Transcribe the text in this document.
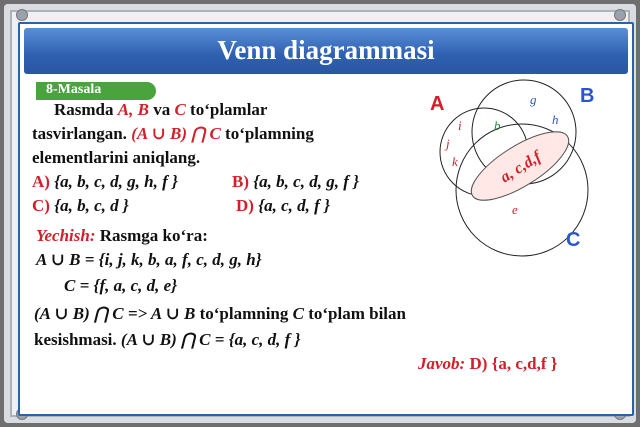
Venn diagrammasi
8-Masala
Rasmda A, B va C to‘plamlar
tasvirlangan. (A ∪ B) ⋂ C to‘plamning
elementlarini aniqlang.
A) {a, b, c, d, g, h, f }	B) {a, b, c, d, g, f }
C) {a, b, c, d }	D) {a, c, d, f }
Yechish: Rasmga ko‘ra:
A ∪ B = {i, j, k, b, a, f, c, d, g, h}
C = {f, a, c, d, e}
(A ∪ B) ⋂ C => A ∪ B to‘plamning C to‘plam bilan
kesishmasi. (A ∪ B) ⋂ C = {a, c, d, f }
Javob: D) {a, c,d,f }
A	B
C
g
h
i b
j
k
e
a, c,d,f
